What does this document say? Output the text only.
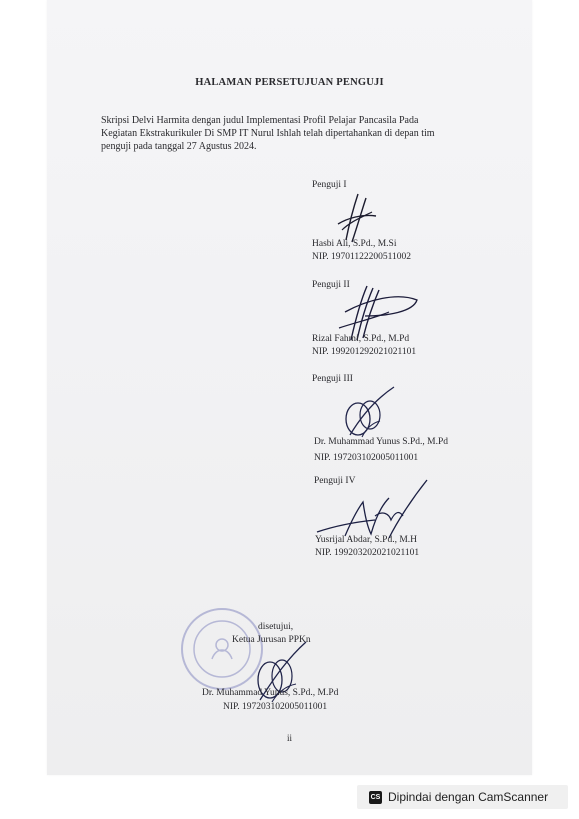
HALAMAN PERSETUJUAN PENGUJI
Skripsi Delvi Harmita dengan judul Implementasi Profil Pelajar Pancasila Pada
Kegiatan Ekstrakurikuler Di SMP IT Nurul Ishlah telah dipertahankan di depan tim
penguji pada tanggal 27 Agustus 2024.
Penguji I
Hasbi Ali, S.Pd., M.Si
NIP. 19701122200511002
Penguji II
Rizal Fahmi, S.Pd., M.Pd
NIP. 199201292021021101
Penguji III
Dr. Muhammad Yunus S.Pd., M.Pd
NIP. 197203102005011001
Penguji IV
Yusrijal Abdar, S.Pd., M.H
NIP. 199203202021021101
disetujui,
Ketua Jurusan PPKn
Dr. Muhammad Yunus, S.Pd., M.Pd
NIP. 197203102005011001
ii
CS Dipindai dengan CamScanner
